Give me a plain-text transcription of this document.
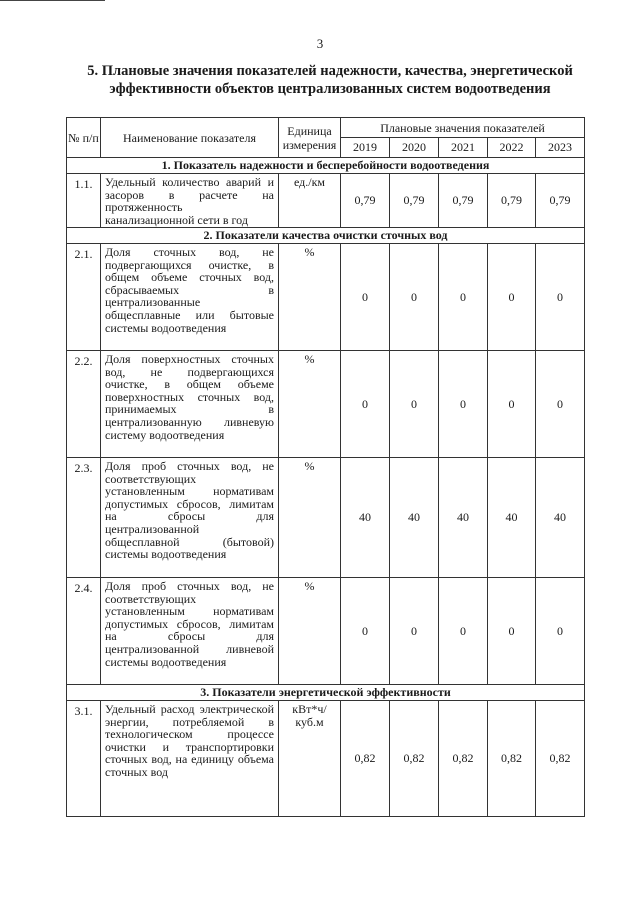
3
5. Плановые значения показателей надежности, качества, энергетической
эффективности объектов централизованных систем водоотведения
№ п/п	Наименование показателя	Единица измерения	Плановые значения показателей				
			2019	2020	2021	2022	2023
1. Показатель надежности и бесперебойности водоотведения							
1.1.	Удельный количество аварий и засоров в расчете на протяженность канализационной сети в год	ед./км	0,79	0,79	0,79	0,79	0,79
2. Показатели качества очистки сточных вод							
2.1.	Доля сточных вод, не подвергающихся очистке, в общем объеме сточных вод, сбрасываемых в централизованные общесплавные или бытовые системы водоотведения	%	0	0	0	0	0
2.2.	Доля поверхностных сточных вод, не подвергающихся очистке, в общем объеме поверхностных сточных вод, принимаемых в централизованную ливневую систему водоотведения	%	0	0	0	0	0
2.3.	Доля проб сточных вод, не соответствующих установленным нормативам допустимых сбросов, лимитам на сбросы для централизованной общесплавной (бытовой) системы водоотведения	%	40	40	40	40	40
2.4.	Доля проб сточных вод, не соответствующих установленным нормативам допустимых сбросов, лимитам на сбросы для централизованной ливневой системы водоотведения	%	0	0	0	0	0
3. Показатели энергетической эффективности							
3.1.	Удельный расход электрической энергии, потребляемой в технологическом процессе очистки и транспортировки сточных вод, на единицу объема сточных вод	кВт*ч/ куб.м	0,82	0,82	0,82	0,82	0,82
